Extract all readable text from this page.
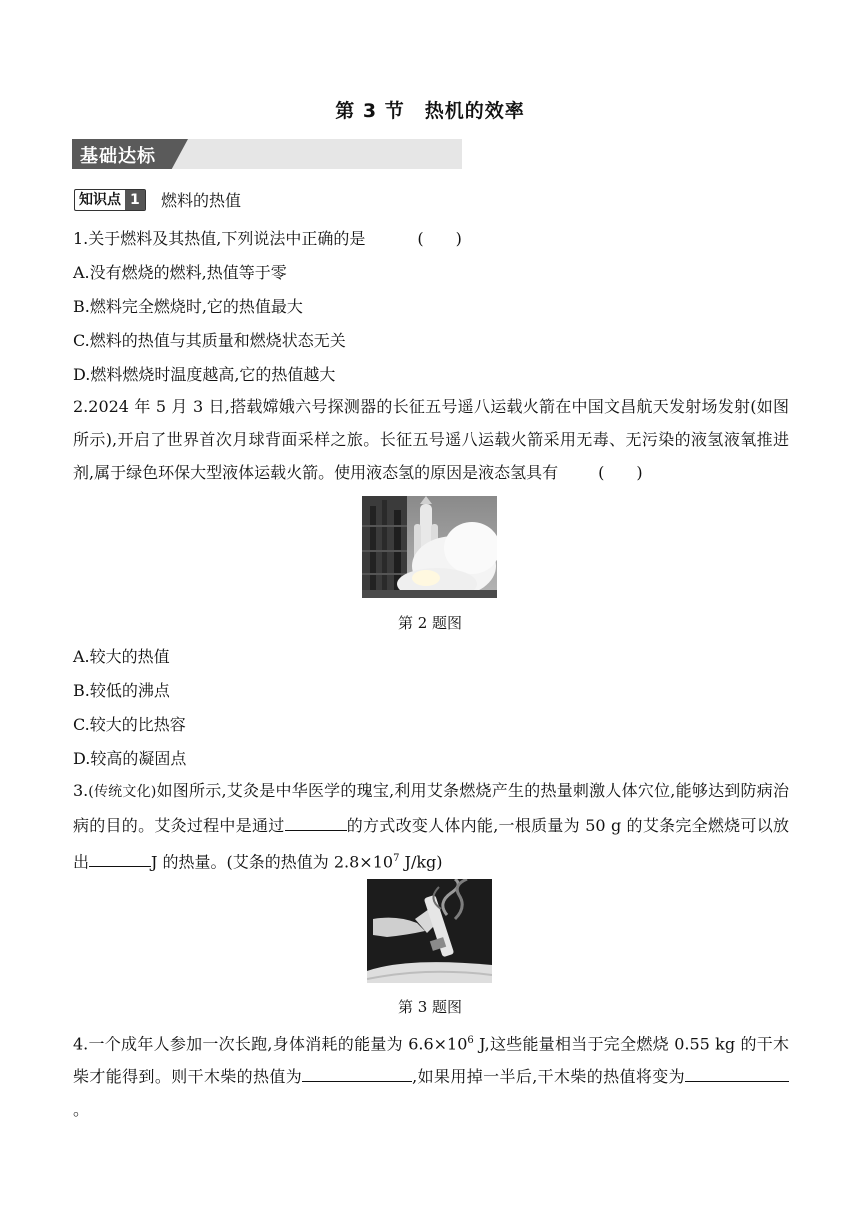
第 3 节　热机的效率
基础达标
知识点 1	燃料的热值
1.关于燃料及其热值,下列说法中正确的是	(　　)
A.没有燃烧的燃料,热值等于零
B.燃料完全燃烧时,它的热值最大
C.燃料的热值与其质量和燃烧状态无关
D.燃料燃烧时温度越高,它的热值越大
2.2024 年 5 月 3 日,搭载嫦娥六号探测器的长征五号遥八运载火箭在中国文昌航天发射场发射(如图所示),开启了世界首次月球背面采样之旅。长征五号遥八运载火箭采用无毒、无污染的液氢液氧推进剂,属于绿色环保大型液体运载火箭。使用液态氢的原因是液态氢具有	(　　)
第 2 题图
A.较大的热值
B.较低的沸点
C.较大的比热容
D.较高的凝固点
3.(传统文化)如图所示,艾灸是中华医学的瑰宝,利用艾条燃烧产生的热量刺激人体穴位,能够达到防病治病的目的。艾灸过程中是通过	的方式改变人体内能,一根质量为 50 g 的艾条完全燃烧可以放出	J 的热量。(艾条的热值为 $2.8\times 10^7$ J/kg)
第 3 题图
4.一个成年人参加一次长跑,身体消耗的能量为 $6.6\times 10^6$ J,这些能量相当于完全燃烧 0.55 kg 的干木柴才能得到。则干木柴的热值为	,如果用掉一半后,干木柴的热值将变为。
